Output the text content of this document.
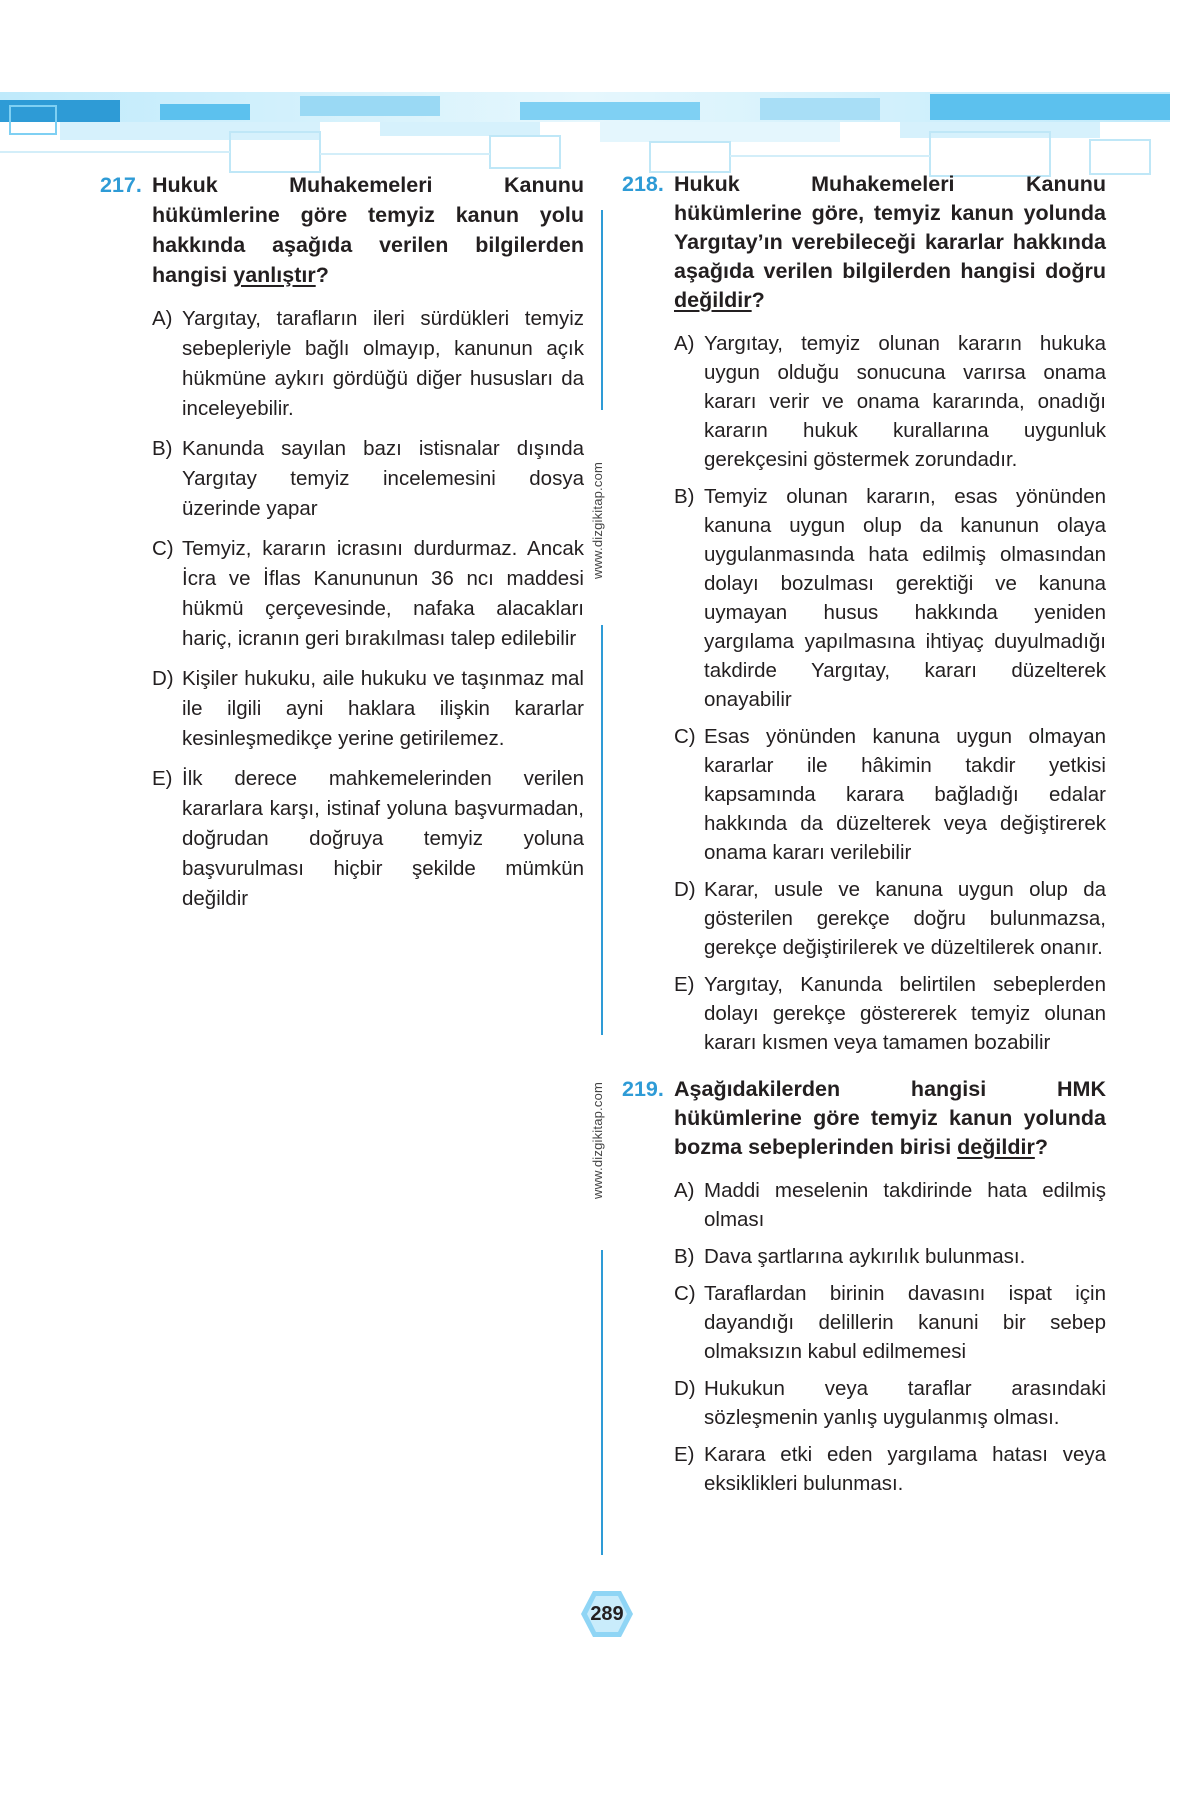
217. Hukuk Muhakemeleri Kanunu hükümlerine göre temyiz kanun yolu hakkında aşağıda verilen bilgilerden hangisi yanlıştır?
A) Yargıtay, tarafların ileri sürdükleri temyiz sebepleriyle bağlı olmayıp, kanunun açık hükmüne aykırı gördüğü diğer hususları da inceleyebilir.
B) Kanunda sayılan bazı istisnalar dışında Yargıtay temyiz incelemesini dosya üzerinde yapar
C) Temyiz, kararın icrasını durdurmaz. Ancak İcra ve İflas Kanununun 36 ncı maddesi hükmü çerçevesinde, nafaka alacakları hariç, icranın geri bırakılması talep edilebilir
D) Kişiler hukuku, aile hukuku ve taşınmaz mal ile ilgili ayni haklara ilişkin kararlar kesinleşmedikçe yerine getirilemez.
E) İlk derece mahkemelerinden verilen kararlara karşı, istinaf yoluna başvurmadan, doğrudan doğruya temyiz yoluna başvurulması hiçbir şekilde mümkün değildir
www.dizgikitap.com
www.dizgikitap.com
218. Hukuk Muhakemeleri Kanunu hükümlerine göre, temyiz kanun yolunda Yargıtay’ın verebileceği kararlar hakkında aşağıda verilen bilgilerden hangisi doğru değildir?
A) Yargıtay, temyiz olunan kararın hukuka uygun olduğu sonucuna varırsa onama kararı verir ve onama kararında, onadığı kararın hukuk kurallarına uygunluk gerekçesini göstermek zorundadır.
B) Temyiz olunan kararın, esas yönünden kanuna uygun olup da kanunun olaya uygulanmasında hata edilmiş olmasından dolayı bozulması gerektiği ve kanuna uymayan husus hakkında yeniden yargılama yapılmasına ihtiyaç duyulmadığı takdirde Yargıtay, kararı düzelterek onayabilir
C) Esas yönünden kanuna uygun olmayan kararlar ile hâkimin takdir yetkisi kapsamında karara bağladığı edalar hakkında da düzelterek veya değiştirerek onama kararı verilebilir
D) Karar, usule ve kanuna uygun olup da gösterilen gerekçe doğru bulunmazsa, gerekçe değiştirilerek ve düzeltilerek onanır.
E) Yargıtay, Kanunda belirtilen sebeplerden dolayı gerekçe göstererek temyiz olunan kararı kısmen veya tamamen bozabilir
219. Aşağıdakilerden hangisi HMK hükümlerine göre temyiz kanun yolunda bozma sebeplerinden birisi değildir?
A) Maddi meselenin takdirinde hata edilmiş olması
B) Dava şartlarına aykırılık bulunması.
C) Taraflardan birinin davasını ispat için dayandığı delillerin kanuni bir sebep olmaksızın kabul edilmemesi
D) Hukukun veya taraflar arasındaki sözleşmenin yanlış uygulanmış olması.
E) Karara etki eden yargılama hatası veya eksiklikleri bulunması.
289
